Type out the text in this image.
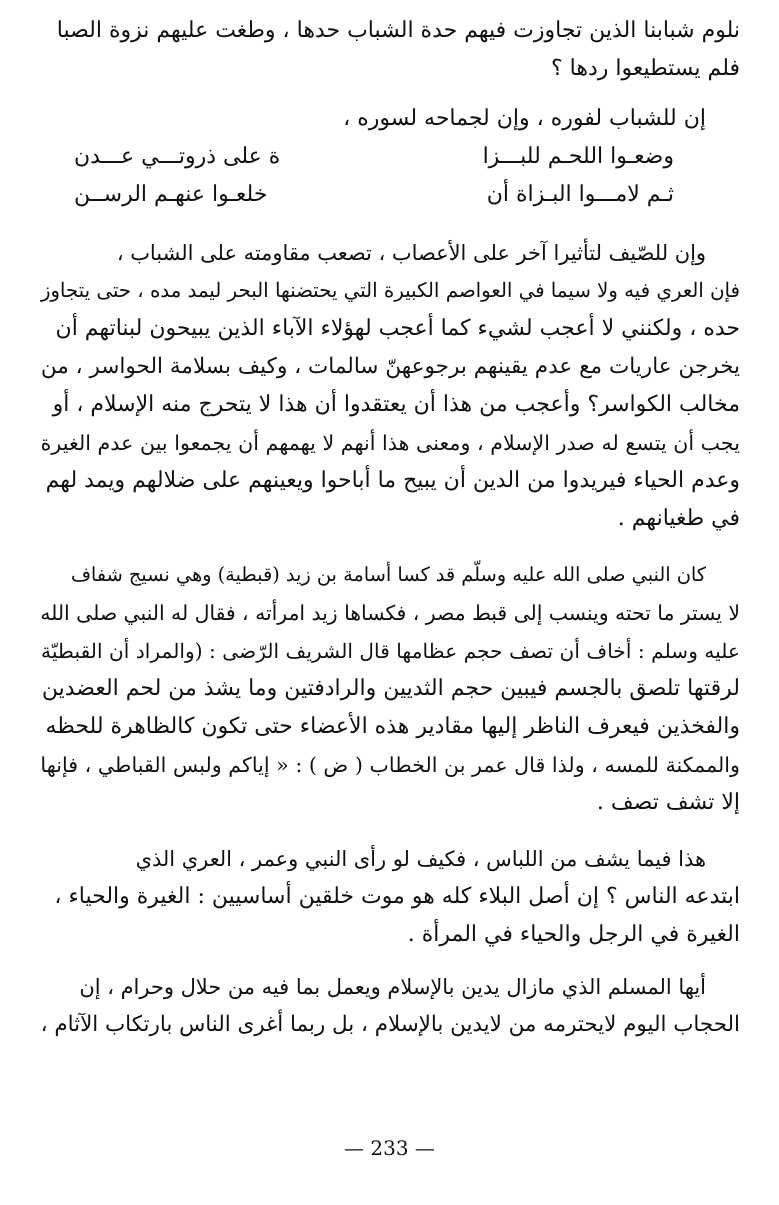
نلوم شبابنا الذين تجاوزت فيهم حدة الشباب حدها ، وطغت عليهم نزوة الصبا
فلم يستطيعوا ردها ؟
إن للشباب لفوره ، وإن لجماحه لسوره ،
وضعـوا اللحـم للبـــزا
ة على ذروتـــي عـــدن
ثـم لامـــوا البـزاة أن
خلعـوا عنهـم الرســن
وإن للصّيف لتأثيرا آخر على الأعصاب ، تصعب مقاومته على الشباب ،
فإن العري فيه ولا سيما في العواصم الكبيرة التي يحتضنها البحر ليمد مده ، حتى يتجاوز
حده ، ولكنني لا أعجب لشيء كما أعجب لهؤلاء الآباء الذين يبيحون لبناتهم أن
يخرجن عاريات مع عدم يقينهم برجوعهنّ سالمات ، وكيف بسلامة الحواسر ، من
مخالب الكواسر؟ وأعجب من هذا أن يعتقدوا أن هذا لا يتحرج منه الإسلام ، أو
يجب أن يتسع له صدر الإسلام ، ومعنى هذا أنهم لا يهمهم أن يجمعوا بين عدم الغيرة
وعدم الحياء فيريدوا من الدين أن يبيح ما أباحوا ويعينهم على ضلالهم ويمد لهم
في طغيانهم .
كان النبي صلى الله عليه وسلّم قد كسا أسامة بن زيد (قبطية) وهي نسيج شفاف
لا يستر ما تحته وينسب إلى قبط مصر ، فكساها زيد امرأته ، فقال له النبي صلى الله
عليه وسلم : أخاف أن تصف حجم عظامها قال الشريف الرّضى : (والمراد أن القبطيّة
لرقتها تلصق بالجسم فيبين حجم الثديين والرادفتين وما يشذ من لحم العضدين
والفخذين فيعرف الناظر إليها مقادير هذه الأعضاء حتى تكون كالظاهرة للحظه
والممكنة للمسه ، ولذا قال عمر بن الخطاب ( ض ) : « إياكم ولبس القباطي ، فإنها
إلا تشف تصف .
هذا فيما يشف من اللباس ، فكيف لو رأى النبي وعمر ، العري الذي
ابتدعه الناس ؟ إن أصل البلاء كله هو موت خلقين أساسيين : الغيرة والحياء ،
الغيرة في الرجل والحياء في المرأة .
أيها المسلم الذي مازال يدين بالإسلام ويعمل بما فيه من حلال وحرام ، إن
الحجاب اليوم لايحترمه من لايدين بالإسلام ، بل ربما أغرى الناس بارتكاب الآثام ،
— 233 —
